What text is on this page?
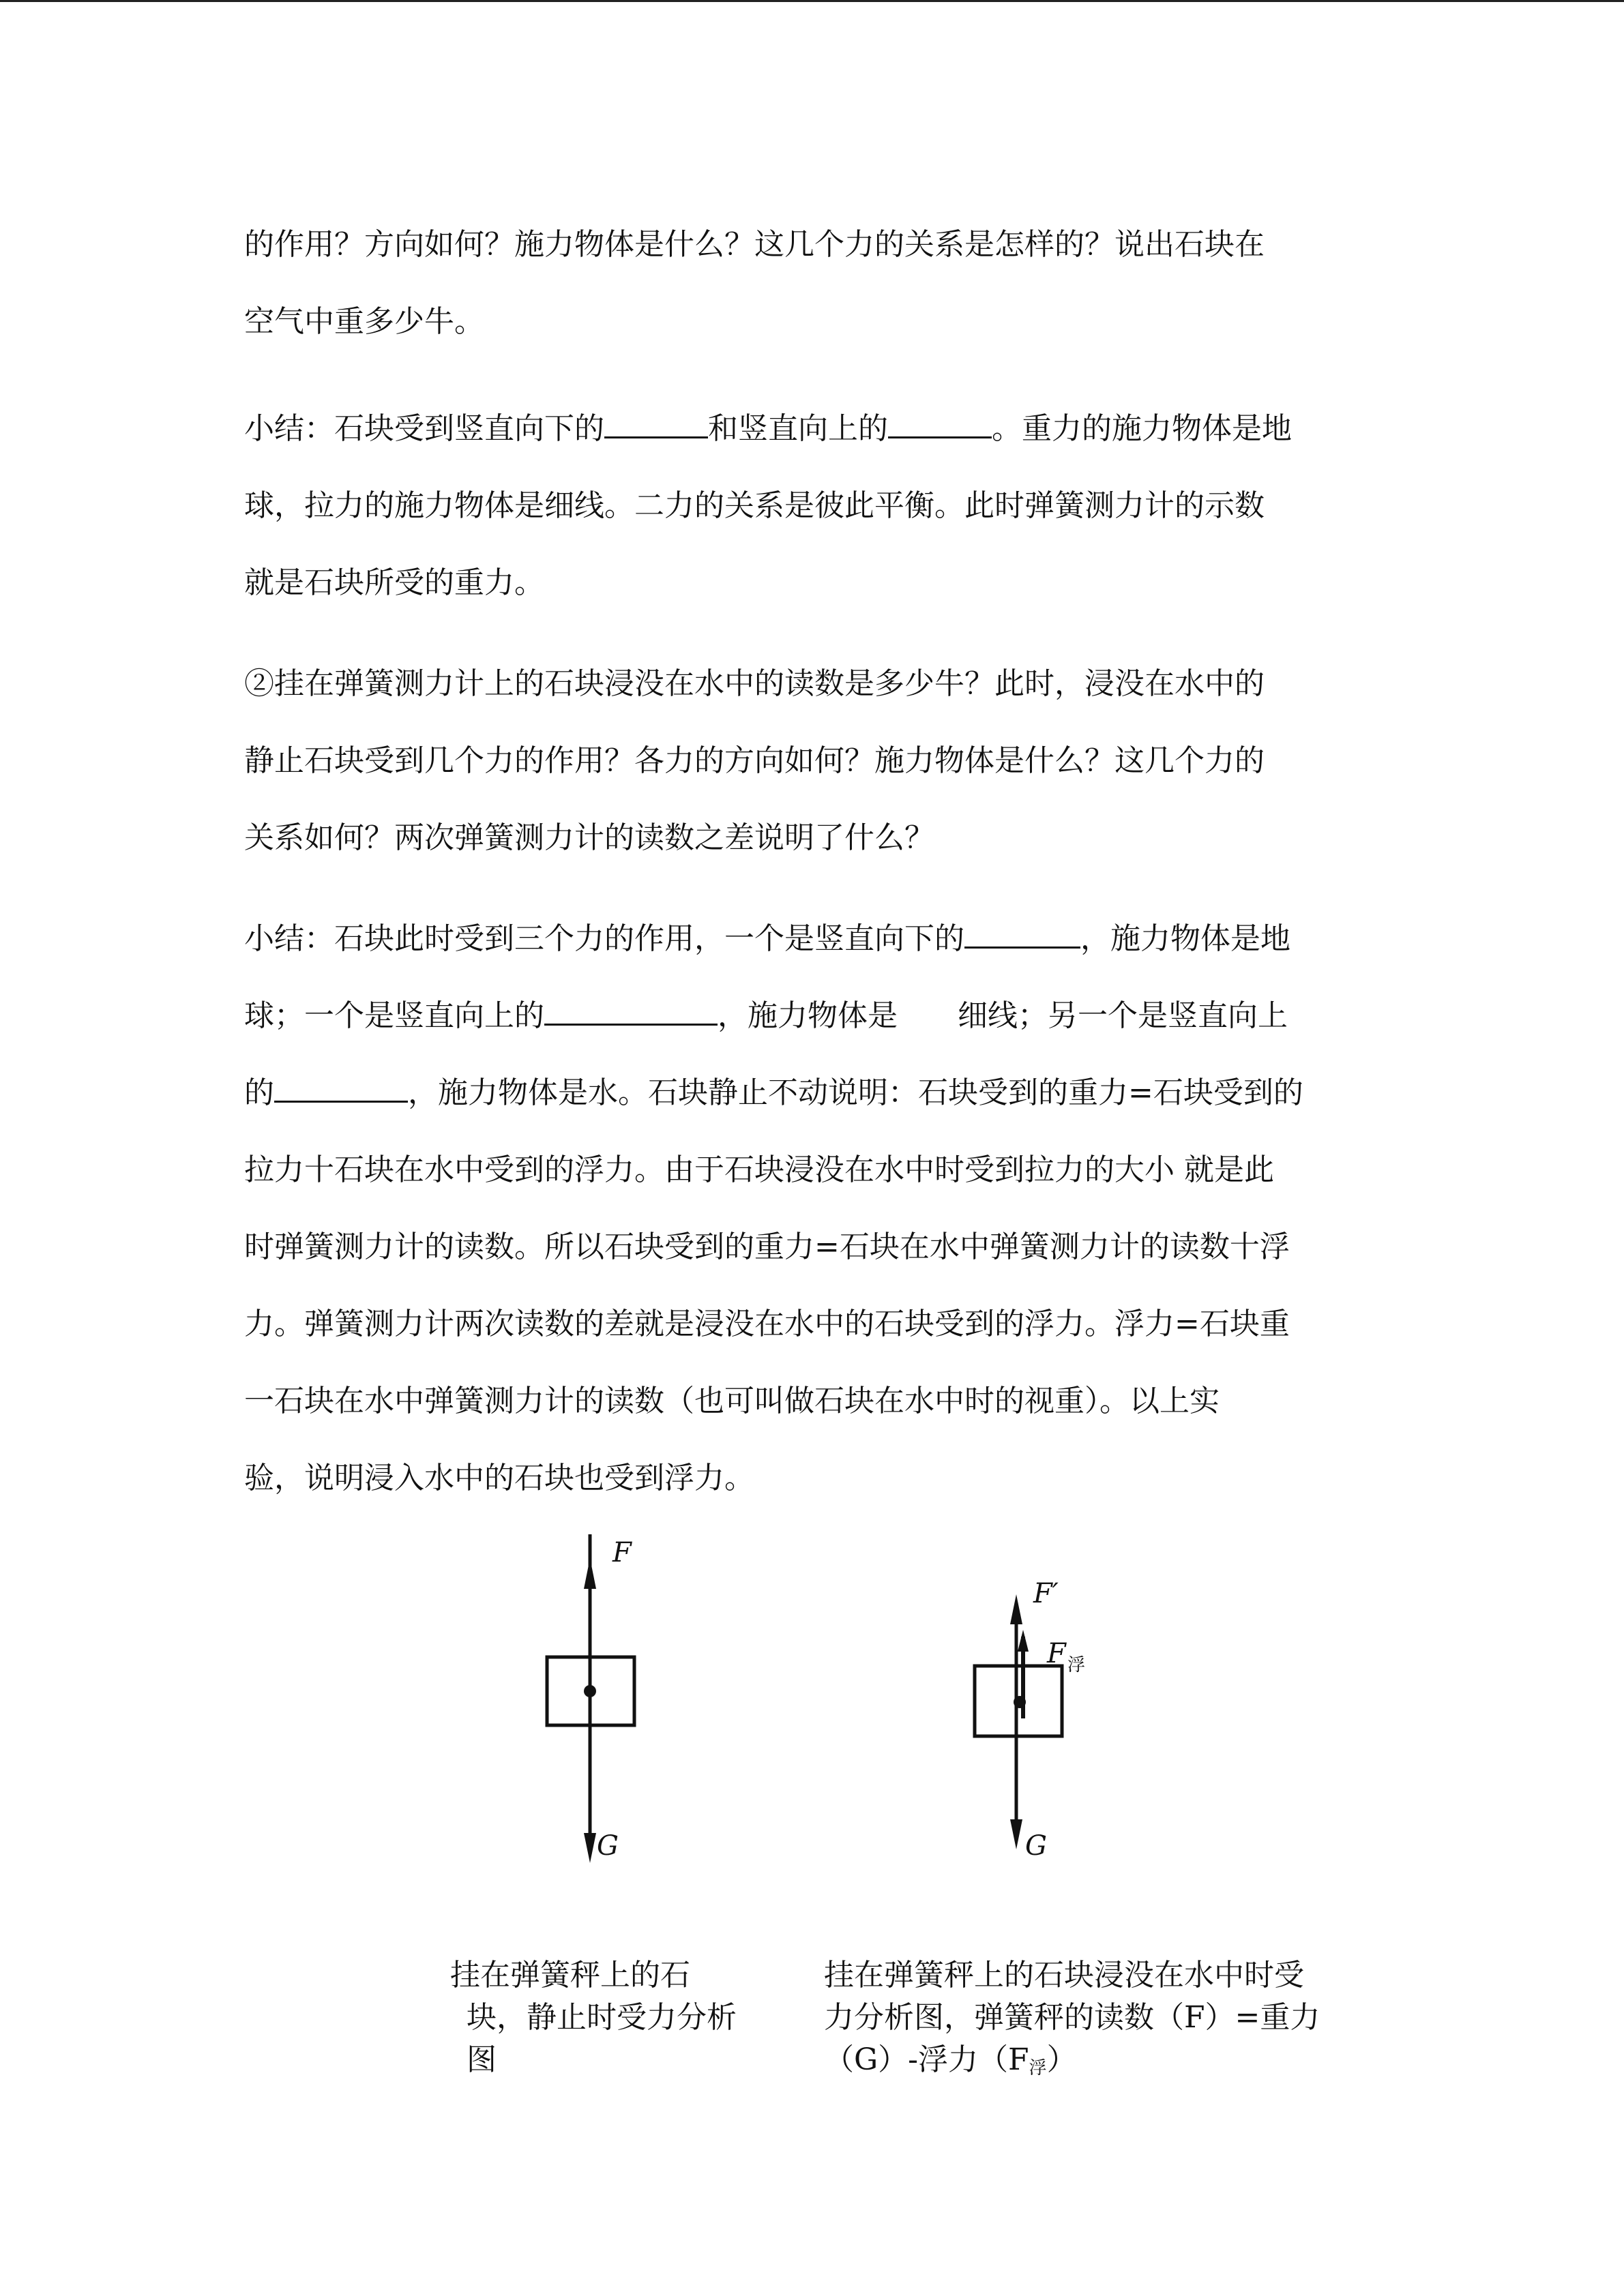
的作用？方向如何？施力物体是什么？这几个力的关系是怎样的？说出石块在

空气中重多少牛。

小结：石块受到竖直向下的	和竖直向上的	。重力的施力物体是地

球，拉力的施力物体是细线。二力的关系是彼此平衡。此时弹簧测力计的示数

就是石块所受的重力。

②挂在弹簧测力计上的石块浸没在水中的读数是多少牛？此时，浸没在水中的

静止石块受到几个力的作用？各力的方向如何？施力物体是什么？这几个力的

关系如何？两次弹簧测力计的读数之差说明了什么？

小结：石块此时受到三个力的作用，一个是竖直向下的	，施力物体是地

球；一个是竖直向上的	，施力物体是 细线；另一个是竖直向上

的	，施力物体是水。石块静止不动说明：石块受到的重力=石块受到的

拉力十石块在水中受到的浮力。由于石块浸没在水中时受到拉力的大小 就是此

时弹簧测力计的读数。所以石块受到的重力=石块在水中弹簧测力计的读数十浮

力。弹簧测力计两次读数的差就是浸没在水中的石块受到的浮力。浮力=石块重

一石块在水中弹簧测力计的读数（也可叫做石块在水中时的视重）。以上实

验，说明浸入水中的石块也受到浮力。

F
G
F′
F 浮
G

挂在弹簧秤上的石

块，静止时受力分析

图

挂在弹簧秤上的石块浸没在水中时受

力分析图，弹簧秤的读数（F）=重力

（G）-浮力$(F_浮)$
